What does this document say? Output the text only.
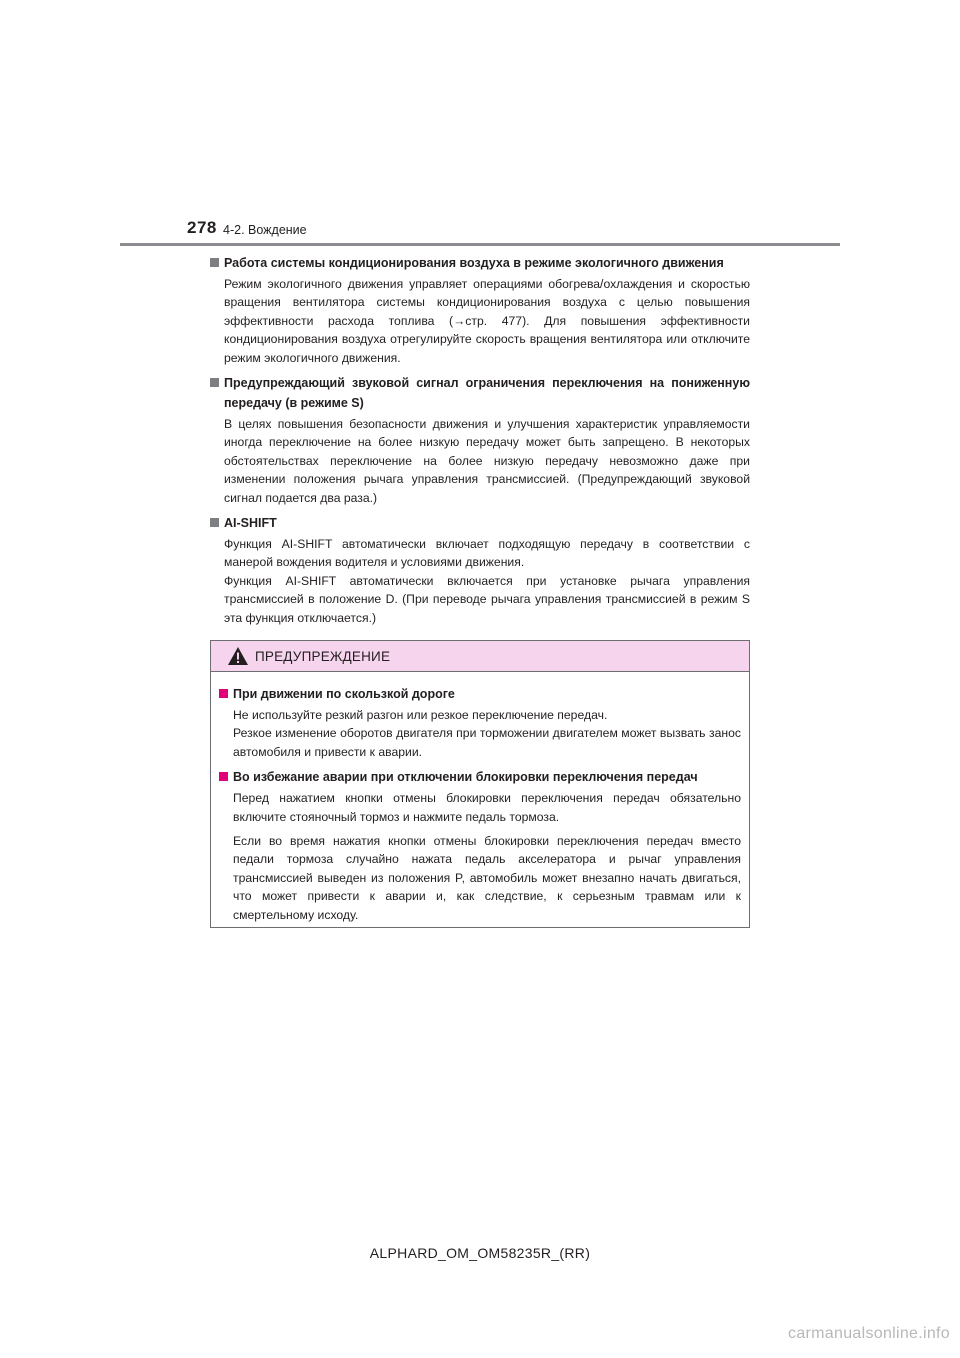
278 4-2. Вождение
Работа системы кондиционирования воздуха в режиме экологичного движения

Режим экологичного движения управляет операциями обогрева/охлаждения и скоростью вращения вентилятора системы кондиционирования воздуха с целью повышения эффективности расхода топлива (→стр. 477). Для повышения эффективности кондиционирования воздуха отрегулируйте скорость вращения вентилятора или отключите режим экологичного движения.

Предупреждающий звуковой сигнал ограничения переключения на пониженную передачу (в режиме S)

В целях повышения безопасности движения и улучшения характеристик управляемости иногда переключение на более низкую передачу может быть запрещено. В некоторых обстоятельствах переключение на более низкую передачу невозможно даже при изменении положения рычага управления трансмиссией. (Предупреждающий звуковой сигнал подается два раза.)

AI-SHIFT

Функция AI-SHIFT автоматически включает подходящую передачу в соответствии с манерой вождения водителя и условиями движения.

Функция AI-SHIFT автоматически включается при установке рычага управления трансмиссией в положение D. (При переводе рычага управления трансмиссией в режим S эта функция отключается.)

ПРЕДУПРЕЖДЕНИЕ
При движении по скользкой дороге

Не используйте резкий разгон или резкое переключение передач.

Резкое изменение оборотов двигателя при торможении двигателем может вызвать занос автомобиля и привести к аварии.

Во избежание аварии при отключении блокировки переключения передач

Перед нажатием кнопки отмены блокировки переключения передач обязательно включите стояночный тормоз и нажмите педаль тормоза.

Если во время нажатия кнопки отмены блокировки переключения передач вместо педали тормоза случайно нажата педаль акселератора и рычаг управления трансмиссией выведен из положения P, автомобиль может внезапно начать двигаться, что может привести к аварии и, как следствие, к серьезным травмам или к смертельному исходу.

ALPHARD_OM_OM58235R_(RR)
carmanualsonline.info
